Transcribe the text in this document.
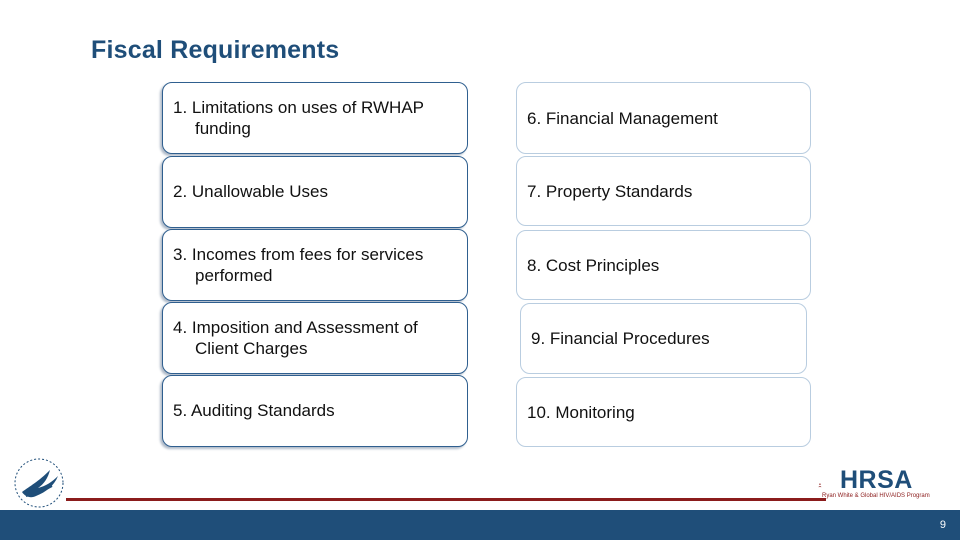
Fiscal Requirements
1. Limitations on uses of RWHAP funding
2. Unallowable Uses
3. Incomes from fees for services performed
4. Imposition and Assessment of Client Charges
5. Auditing Standards
6. Financial Management
7. Property Standards
8. Cost Principles
9. Financial Procedures
10. Monitoring
HRSA
Ryan White & Global HIV/AIDS Program
9
